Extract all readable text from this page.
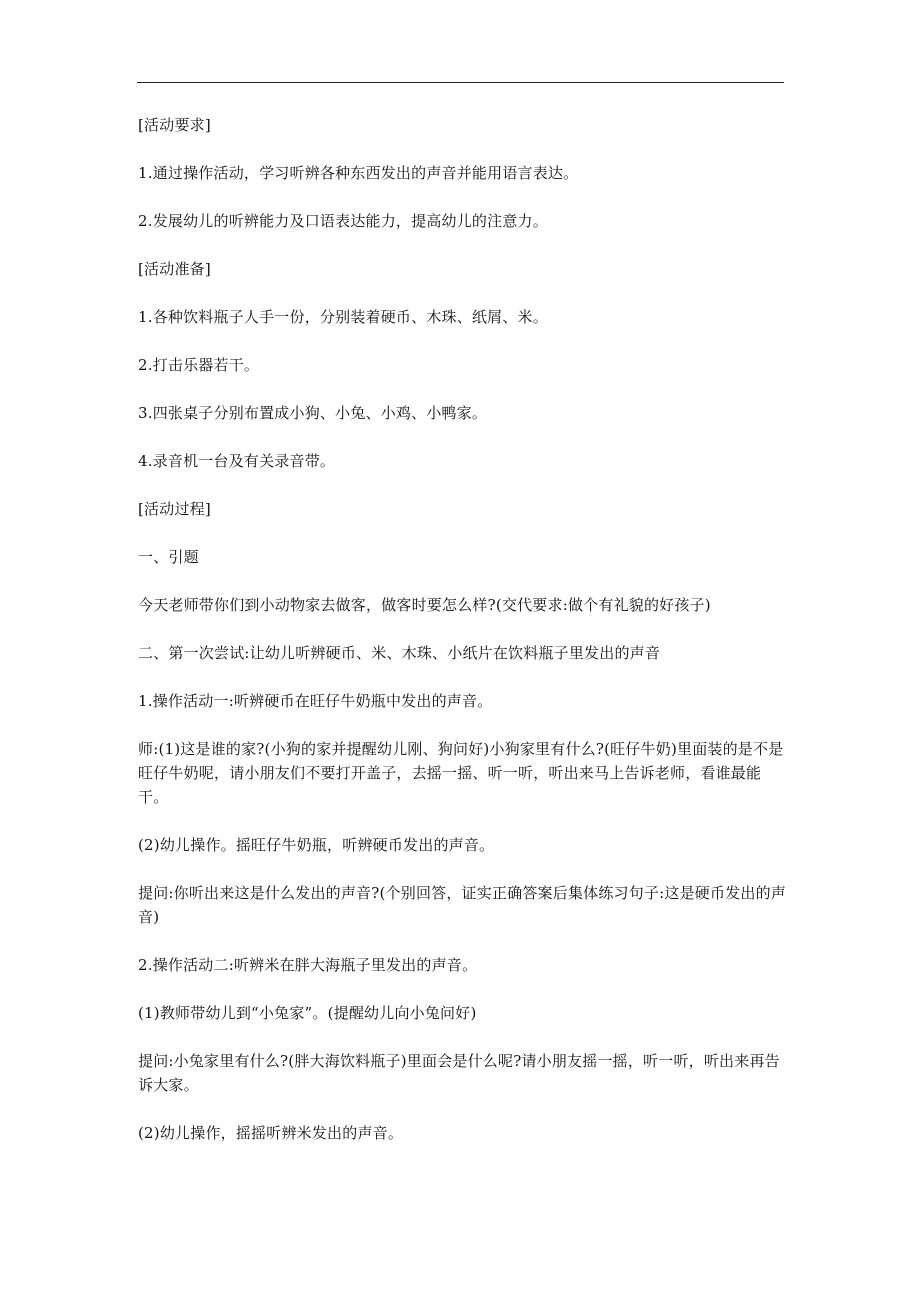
[活动要求]

1.通过操作活动，学习听辨各种东西发出的声音并能用语言表达。

2.发展幼儿的听辨能力及口语表达能力，提高幼儿的注意力。

[活动准备]

1.各种饮料瓶子人手一份，分别装着硬币、木珠、纸屑、米。

2.打击乐器若干。

3.四张桌子分别布置成小狗、小兔、小鸡、小鸭家。

4.录音机一台及有关录音带。

[活动过程]

一、引题

今天老师带你们到小动物家去做客，做客时要怎么样?(交代要求:做个有礼貌的好孩子)

二、第一次尝试:让幼儿听辨硬币、米、木珠、小纸片在饮料瓶子里发出的声音

1.操作活动一:听辨硬币在旺仔牛奶瓶中发出的声音。

师:(1)这是谁的家?(小狗的家并提醒幼儿刚、狗问好)小狗家里有什么?(旺仔牛奶)里面装的是不是旺仔牛奶呢，请小朋友们不要打开盖子，去摇一摇、听一听，听出来马上告诉老师，看谁最能干。

(2)幼儿操作。摇旺仔牛奶瓶，听辨硬币发出的声音。

提问:你听出来这是什么发出的声音?(个别回答，证实正确答案后集体练习句子:这是硬币发出的声音)

2.操作活动二:听辨米在胖大海瓶子里发出的声音。

(1)教师带幼儿到“小兔家”。(提醒幼儿向小兔问好)

提问:小兔家里有什么?(胖大海饮料瓶子)里面会是什么呢?请小朋友摇一摇，听一听，听出来再告诉大家。

(2)幼儿操作，摇摇听辨米发出的声音。
